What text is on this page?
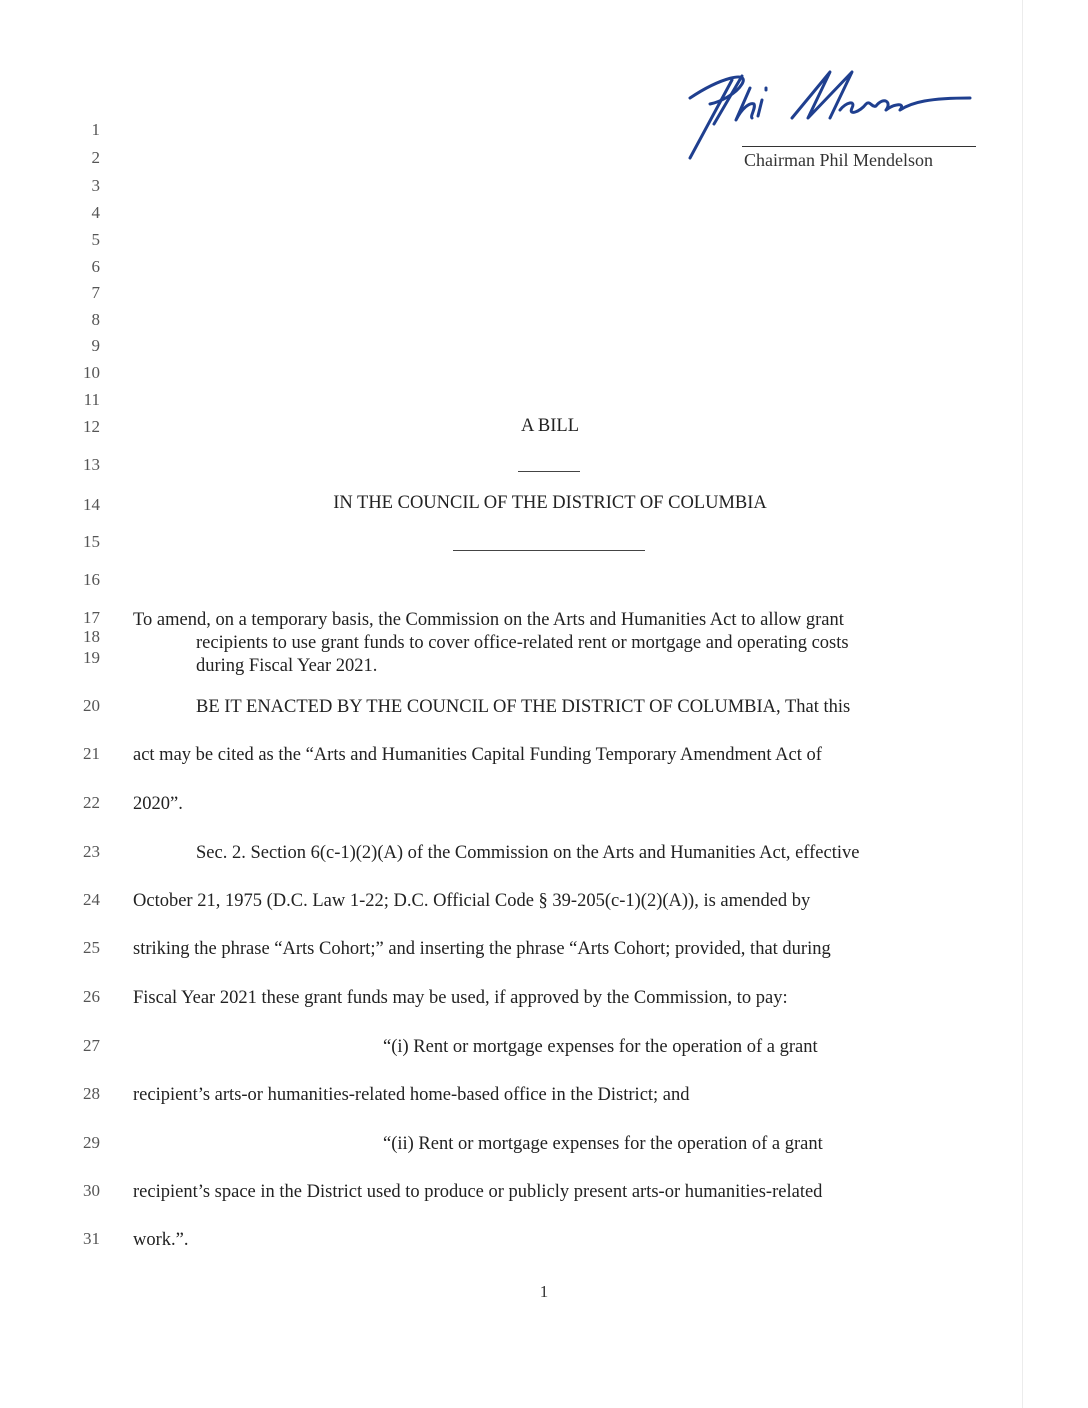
Chairman Phil Mendelson
1
2
3
4
5
6
7
8
9
10
11
12
13
14
15
16
17
18
19
20
21
22
23
24
25
26
27
28
29
30
31
A BILL
IN THE COUNCIL OF THE DISTRICT OF COLUMBIA
To amend, on a temporary basis, the Commission on the Arts and Humanities Act to allow grant
recipients to use grant funds to cover office-related rent or mortgage and operating costs
during Fiscal Year 2021.
BE IT ENACTED BY THE COUNCIL OF THE DISTRICT OF COLUMBIA, That this
act may be cited as the “Arts and Humanities Capital Funding Temporary Amendment Act of
2020”.
Sec. 2. Section 6(c-1)(2)(A) of the Commission on the Arts and Humanities Act, effective
October 21, 1975 (D.C. Law 1-22; D.C. Official Code § 39-205(c-1)(2)(A)), is amended by
striking the phrase “Arts Cohort;” and inserting the phrase “Arts Cohort; provided, that during
Fiscal Year 2021 these grant funds may be used, if approved by the Commission, to pay:
“(i) Rent or mortgage expenses for the operation of a grant
recipient’s arts-or humanities-related home-based office in the District; and
“(ii) Rent or mortgage expenses for the operation of a grant
recipient’s space in the District used to produce or publicly present arts-or humanities-related
work.”.
1
